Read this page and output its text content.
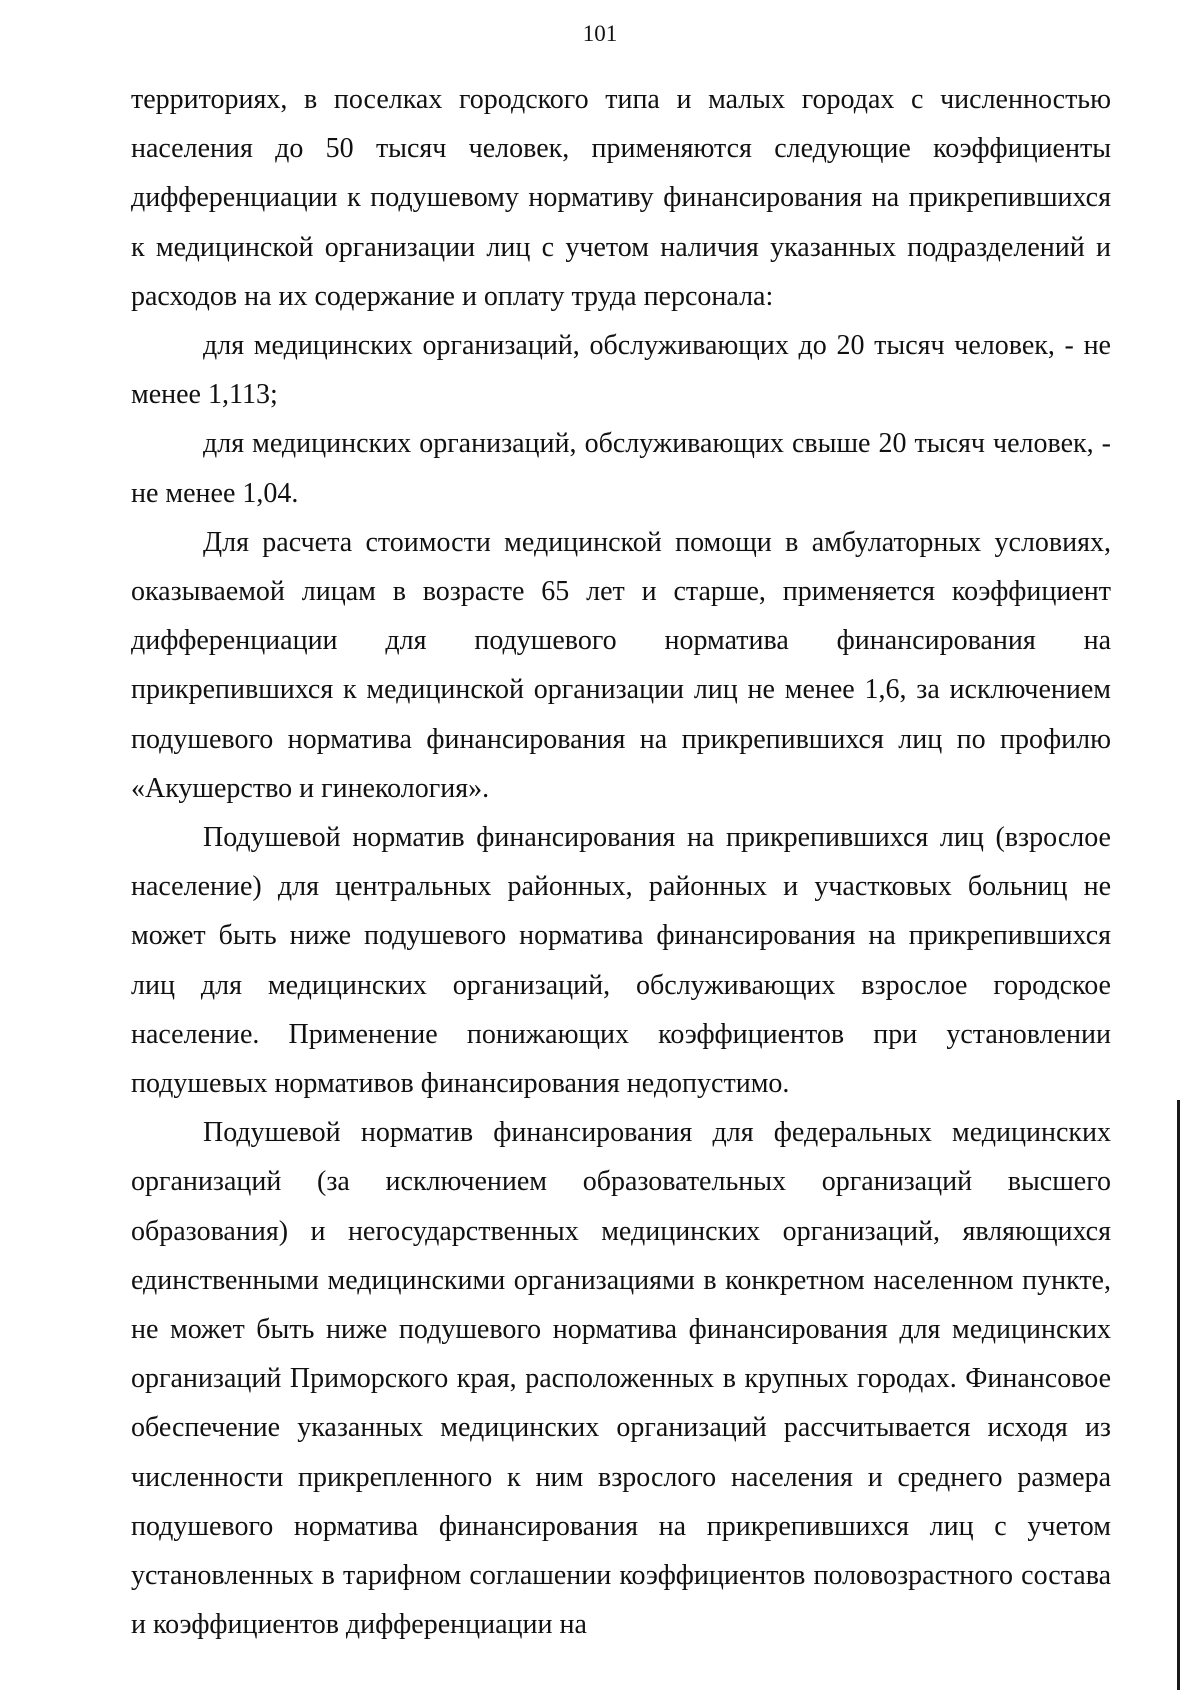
101

территориях, в поселках городского типа и малых городах с численностью населения до 50 тысяч человек, применяются следующие коэффициенты дифференциации к подушевому нормативу финансирования на прикрепившихся к медицинской организации лиц с учетом наличия указанных подразделений и расходов на их содержание и оплату труда персонала:

для медицинских организаций, обслуживающих до 20 тысяч человек, - не менее 1,113;

для медицинских организаций, обслуживающих свыше 20 тысяч человек, - не менее 1,04.

Для расчета стоимости медицинской помощи в амбулаторных условиях, оказываемой лицам в возрасте 65 лет и старше, применяется коэффициент дифференциации для подушевого норматива финансирования на прикрепившихся к медицинской организации лиц не менее 1,6, за исключением подушевого норматива финансирования на прикрепившихся лиц по профилю «Акушерство и гинекология».

Подушевой норматив финансирования на прикрепившихся лиц (взрослое население) для центральных районных, районных и участковых больниц не может быть ниже подушевого норматива финансирования на прикрепившихся лиц для медицинских организаций, обслуживающих взрослое городское население. Применение понижающих коэффициентов при установлении подушевых нормативов финансирования недопустимо.

Подушевой норматив финансирования для федеральных медицинских организаций (за исключением образовательных организаций высшего образования) и негосударственных медицинских организаций, являющихся единственными медицинскими организациями в конкретном населенном пункте, не может быть ниже подушевого норматива финансирования для медицинских организаций Приморского края, расположенных в крупных городах. Финансовое обеспечение указанных медицинских организаций рассчитывается исходя из численности прикрепленного к ним взрослого населения и среднего размера подушевого норматива финансирования на прикрепившихся лиц с учетом установленных в тарифном соглашении коэффициентов половозрастного состава и коэффициентов дифференциации на
